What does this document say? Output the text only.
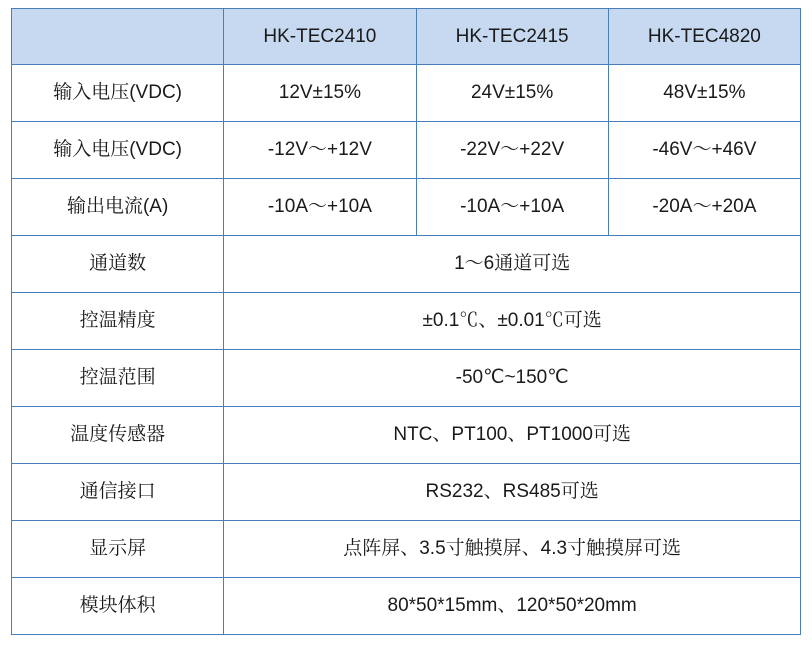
	HK-TEC2410	HK-TEC2415	HK-TEC4820
输入电压(VDC)	12V±15%	24V±15%	48V±15%
输入电压(VDC)	-12V～+12V	-22V～+22V	-46V～+46V
输出电流(A)	-10A～+10A	-10A～+10A	-20A～+20A
通道数	1～6通道可选		
控温精度	±0.1℃、±0.01℃可选		
控温范围	-50℃~150℃		
温度传感器	NTC、PT100、PT1000可选		
通信接口	RS232、RS485可选		
显示屏	点阵屏、3.5寸触摸屏、4.3寸触摸屏可选		
模块体积	80*50*15mm、120*50*20mm		
